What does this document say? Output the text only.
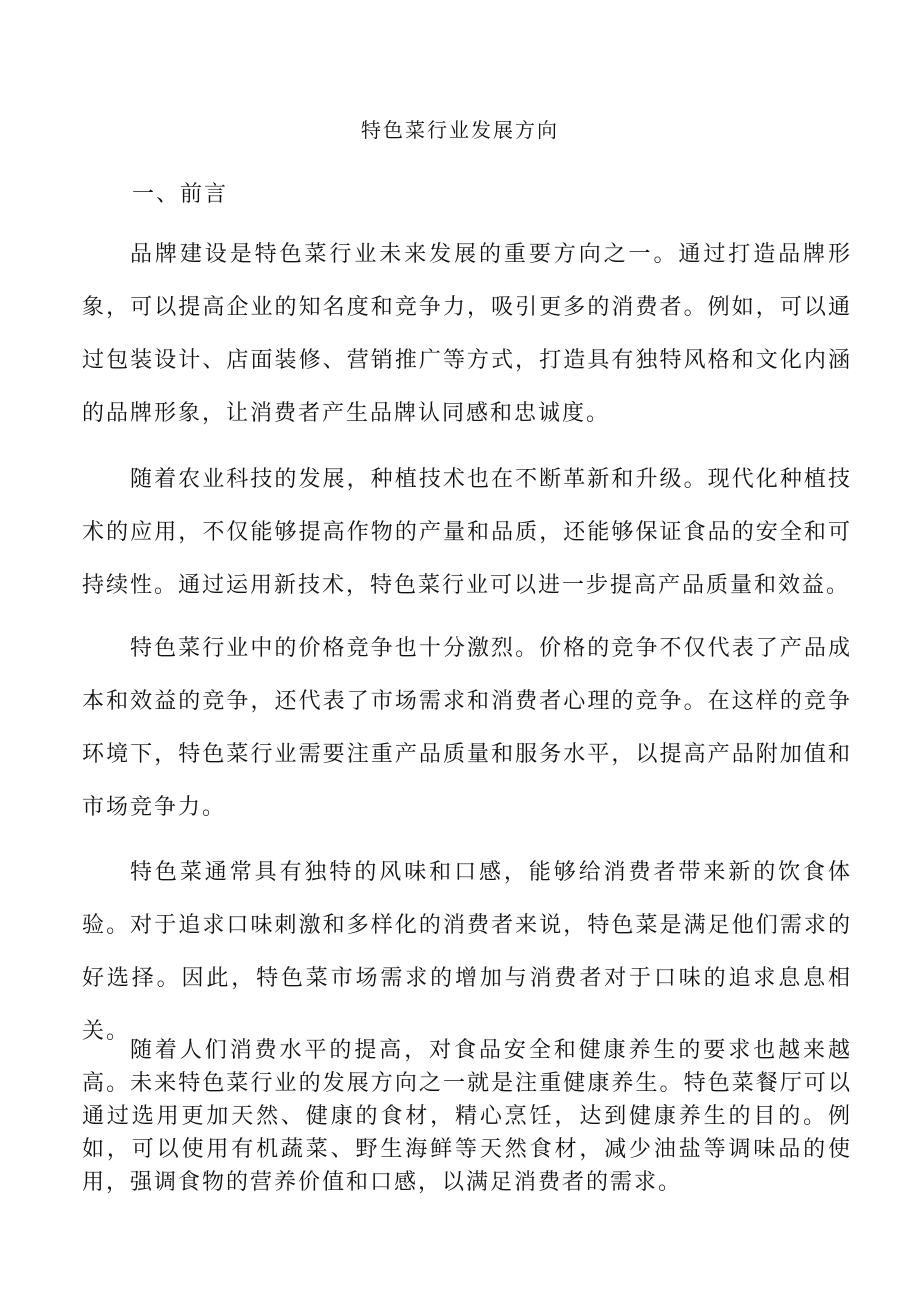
特色菜行业发展方向
一、前言

品牌建设是特色菜行业未来发展的重要方向之一。通过打造品牌形象，可以提高企业的知名度和竞争力，吸引更多的消费者。例如，可以通过包装设计、店面装修、营销推广等方式，打造具有独特风格和文化内涵的品牌形象，让消费者产生品牌认同感和忠诚度。

随着农业科技的发展，种植技术也在不断革新和升级。现代化种植技术的应用，不仅能够提高作物的产量和品质，还能够保证食品的安全和可持续性。通过运用新技术，特色菜行业可以进一步提高产品质量和效益。

特色菜行业中的价格竞争也十分激烈。价格的竞争不仅代表了产品成本和效益的竞争，还代表了市场需求和消费者心理的竞争。在这样的竞争环境下，特色菜行业需要注重产品质量和服务水平，以提高产品附加值和市场竞争力。

特色菜通常具有独特的风味和口感，能够给消费者带来新的饮食体验。对于追求口味刺激和多样化的消费者来说，特色菜是满足他们需求的好选择。因此，特色菜市场需求的增加与消费者对于口味的追求息息相关。

随着人们消费水平的提高，对食品安全和健康养生的要求也越来越高。未来特色菜行业的发展方向之一就是注重健康养生。特色菜餐厅可以通过选用更加天然、健康的食材，精心烹饪，达到健康养生的目的。例如，可以使用有机蔬菜、野生海鲜等天然食材，减少油盐等调味品的使用，强调食物的营养价值和口感，以满足消费者的需求。
